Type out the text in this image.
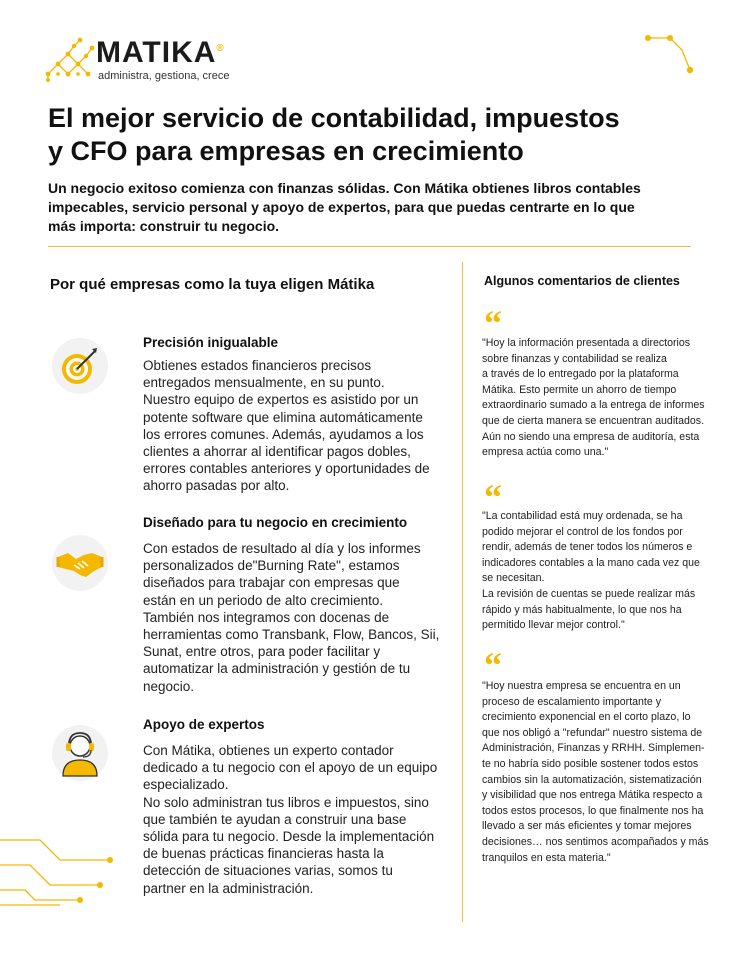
MATIKA®
administra, gestiona, crece
El mejor servicio de contabilidad, impuestos
y CFO para empresas en crecimiento
Un negocio exitoso comienza con finanzas sólidas. Con Mátika obtienes libros contables
impecables, servicio personal y apoyo de expertos, para que puedas centrarte en lo que
más importa: construir tu negocio.
Por qué empresas como la tuya eligen Mátika
Precisión inigualable
Obtienes estados financieros precisos
entregados mensualmente, en su punto.
Nuestro equipo de expertos es asistido por un
potente software que elimina automáticamente
los errores comunes. Además, ayudamos a los
clientes a ahorrar al identificar pagos dobles,
errores contables anteriores y oportunidades de
ahorro pasadas por alto.
Diseñado para tu negocio en crecimiento
Con estados de resultado al día y los informes
personalizados de"Burning Rate", estamos
diseñados para trabajar con empresas que
están en un periodo de alto crecimiento.
También nos integramos con docenas de
herramientas como Transbank, Flow, Bancos, Sii,
Sunat, entre otros, para poder facilitar y
automatizar la administración y gestión de tu
negocio.
Apoyo de expertos
Con Mátika, obtienes un experto contador
dedicado a tu negocio con el apoyo de un equipo
especializado.
No solo administran tus libros e impuestos, sino
que también te ayudan a construir una base
sólida para tu negocio. Desde la implementación
de buenas prácticas financieras hasta la
detección de situaciones varias, somos tu
partner en la administración.
Algunos comentarios de clientes
“
"Hoy la información presentada a directorios
sobre finanzas y contabilidad se realiza
a través de lo entregado por la plataforma
Mátika. Esto permite un ahorro de tiempo
extraordinario sumado a la entrega de informes
que de cierta manera se encuentran auditados.
Aún no siendo una empresa de auditoría, esta
empresa actúa como una."
“
"La contabilidad está muy ordenada, se ha
podido mejorar el control de los fondos por
rendir, además de tener todos los números e
indicadores contables a la mano cada vez que
se necesitan.
La revisión de cuentas se puede realizar más
rápido y más habitualmente, lo que nos ha
permitido llevar mejor control."
“
"Hoy nuestra empresa se encuentra en un
proceso de escalamiento importante y
crecimiento exponencial en el corto plazo, lo
que nos obligó a "refundar" nuestro sistema de
Administración, Finanzas y RRHH. Simplemen-
te no habría sido posible sostener todos estos
cambios sin la automatización, sistematización
y visibilidad que nos entrega Mátika respecto a
todos estos procesos, lo que finalmente nos ha
llevado a ser más eficientes y tomar mejores
decisiones… nos sentimos acompañados y más
tranquilos en esta materia."
